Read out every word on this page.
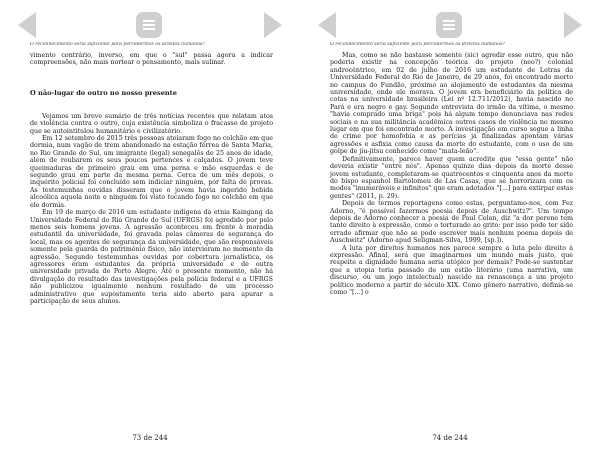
O reconhecimento seria suficiente para percebermos os direitos humanos?

vimento contrário, inverso, em que o "sul" passa agora a indicar compreensões, não mais nortear o pensamento, mais sulinar.

O não-lugar do outro no nosso presente

Vejamos um breve sumário de três notícias recentes que relatam atos de violência contra o outro, cuja existência simboliza o fracasso de projeto que se autointitulou humanitário e civilizatório.

Em 12 setembro de 2015 três pessoas ateiaram fogo no colchão em que dormia, num vagão de trem abandonado na estação férrea de Santa Maria, no Rio Grande do Sul, um imigrante (legal) senegalês de 25 anos de idade, além de roubarem os seus poucos pertences e calçados. O jovem teve queimaduras de primeiro grau em uma perna e mão esquerdas e de segundo grau em parte da mesma perna. Cerca de um mês depois, o inquérito policial foi concluído sem indiciar ninguém, por falta de provas. As testemunhas ouvidas disseram que o jovem havia ingerido bebida alcoólica aquela noite e ninguém foi visto tocando fogo no colchão em que ele dormia.

Em 19 de março de 2016 um estudante indígena da etnia Kaingang da Universidade Federal do Rio Grande do Sul (UFRGS) foi agredido por pelo menos seis homens jovens. A agressão aconteceu em frente à moradia estudantil da universidade, foi gravada pelas câmeras de segurança do local, mas os agentes de segurança da universidade, que são responsáveis somente pela guarda do patrimônio físico, não intervieram no momento da agressão. Segundo testemunhas ouvidas por cobertura jornalística, os agressores eram estudantes da própria universidade e de outra universidade privada de Porto Alegre. Até o presente momento, não há divulgação do resultado das investigações pela polícia federal e a UFRGS não publicizou igualmente nenhum resultado de um processo administrativo que supostamente teria sido aberto para apurar a participação de seus alunos.

73 de 244
O reconhecimento seria suficiente para percebermos os direitos humanos?

Mas, como se não bastasse somente (sic) agredir esse outro, que não poderia existir na concepção teórica do projeto (neo?) colonial androcêntrico, em 02 de julho de 2016 um estudante de Letras da Universidade Federal do Rio de Janeiro, de 29 anos, foi encontrado morto no campus do Fundão, próximo ao alojamento de estudantes da mesma universidade, onde ele morava. O jovem era beneficiário da política de cotas na universidade brasileira (Lei nº 12.711/2012), havia nascido no Pará e era negro e gay. Segundo entrevista do irmão da vítima, o mesmo "havia comprado uma briga" pois há algum tempo denunciava nas redes sociais e na sua militância acadêmica outros casos de violência no mesmo lugar em que foi encontrado morto. A investigação em curso segue a linha de crime por homofobia e as perícias já finalizadas apontam várias agressões e asfixia como causa da morte do estudante, com o uso de um golpe de jiu-jitsu conhecido como "mata-leão".

Definitivamente, parece haver quem acredite que "essa gente" não deveria existir "entre nós". Apenas quinze dias depois da morte desse jovem estudante, completaram-se quatrocentos e cinquenta anos da morte do bispo espanhol Bartolomeu de Las Casas, que se horrorizara com os modos "inumeráveis e infinitos" que eram adotados "[...] para extirpar estas gentes" (2011, p. 29).

Depois de termos reportagens como estas, perguntamo-nos, com Fez Adorno, "é possível fazermos poesia depois de Auschwitz?". Um tempo depois de Adorno conhecer a poesia de Paul Celan, diz "a dor perene tem tanto direito à expressão, como o torturado ao grito: por isso pode ter sido errado afirmar que não se pode escrever mais nenhum poema depois de Auschwitz" (Adorno apud Seligman-Silva, 1999, [sp.]).

A luta por direitos humanos nos parece sempre a luta pelo direito à expressão. Afinal, será que imaginarmos um mundo mais justo, que respeite a dignidade humana seria utópico por demais? Pode-se sustentar que a utopia teria passado de um estilo literário (uma narrativa, um discurso, ou um jogo intelectual) nascido na renascença a um projeto político moderno a partir do século XIX. Como gênero narrativo, definia-se como "[...] o

74 de 244
